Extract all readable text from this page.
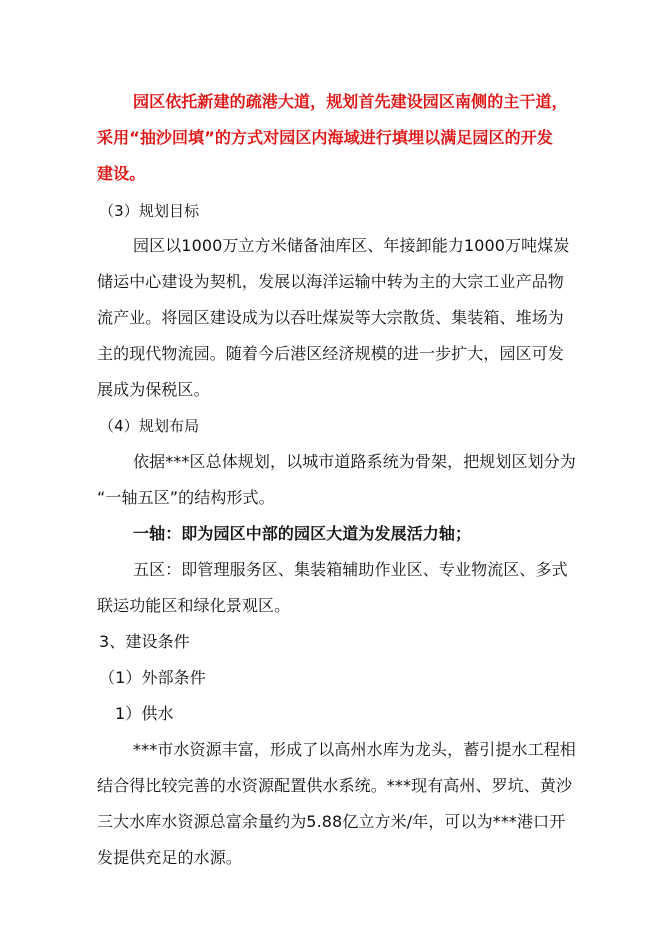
园区依托新建的疏港大道，规划首先建设园区南侧的主干道，
采用“抽沙回填”的方式对园区内海域进行填埋以满足园区的开发
建设。
（3）规划目标
园区以1000万立方米储备油库区、年接卸能力1000万吨煤炭
储运中心建设为契机，发展以海洋运输中转为主的大宗工业产品物
流产业。将园区建设成为以吞吐煤炭等大宗散货、集装箱、堆场为
主的现代物流园。随着今后港区经济规模的进一步扩大，园区可发
展成为保税区。
（4）规划布局
依据***区总体规划，以城市道路系统为骨架，把规划区划分为
“一轴五区”的结构形式。
一轴：即为园区中部的园区大道为发展活力轴；
五区：即管理服务区、集装箱辅助作业区、专业物流区、多式
联运功能区和绿化景观区。
3、建设条件
（1）外部条件
1）供水
***市水资源丰富，形成了以高州水库为龙头，蓄引提水工程相
结合得比较完善的水资源配置供水系统。***现有高州、罗坑、黄沙
三大水库水资源总富余量约为5.88亿立方米/年，可以为***港口开
发提供充足的水源。
